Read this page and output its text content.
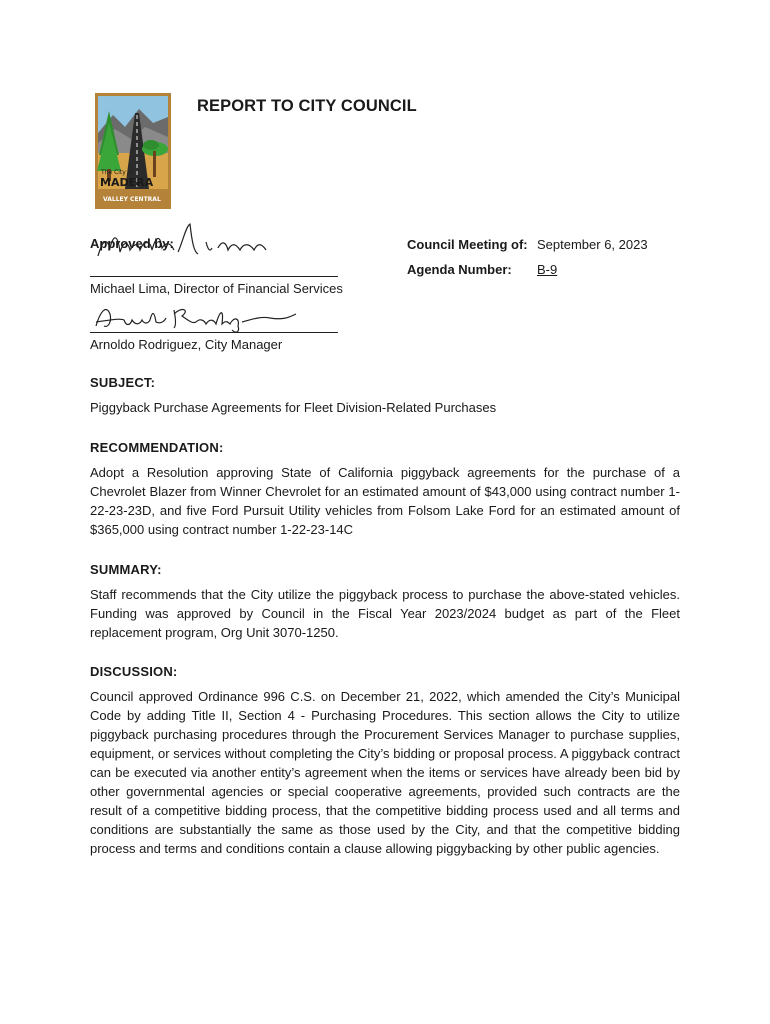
The City of
MADERA
VALLEY CENTRAL
REPORT TO CITY COUNCIL
Approved by:
Michael Lima, Director of Financial Services
Arnoldo Rodriguez, City Manager
Council Meeting of: September 6, 2023
Agenda Number: B-9
SUBJECT:

Piggyback Purchase Agreements for Fleet Division-Related Purchases

RECOMMENDATION:

Adopt a Resolution approving State of California piggyback agreements for the purchase of a Chevrolet Blazer from Winner Chevrolet for an estimated amount of $43,000 using contract number 1-22-23-23D, and five Ford Pursuit Utility vehicles from Folsom Lake Ford for an estimated amount of $365,000 using contract number 1-22-23-14C

SUMMARY:

Staff recommends that the City utilize the piggyback process to purchase the above-stated vehicles. Funding was approved by Council in the Fiscal Year 2023/2024 budget as part of the Fleet replacement program, Org Unit 3070-1250.

DISCUSSION:

Council approved Ordinance 996 C.S. on December 21, 2022, which amended the City’s Municipal Code by adding Title II, Section 4 - Purchasing Procedures. This section allows the City to utilize piggyback purchasing procedures through the Procurement Services Manager to purchase supplies, equipment, or services without completing the City’s bidding or proposal process. A piggyback contract can be executed via another entity’s agreement when the items or services have already been bid by other governmental agencies or special cooperative agreements, provided such contracts are the result of a competitive bidding process, that the competitive bidding process used and all terms and conditions are substantially the same as those used by the City, and that the competitive bidding process and terms and conditions contain a clause allowing piggybacking by other public agencies.
